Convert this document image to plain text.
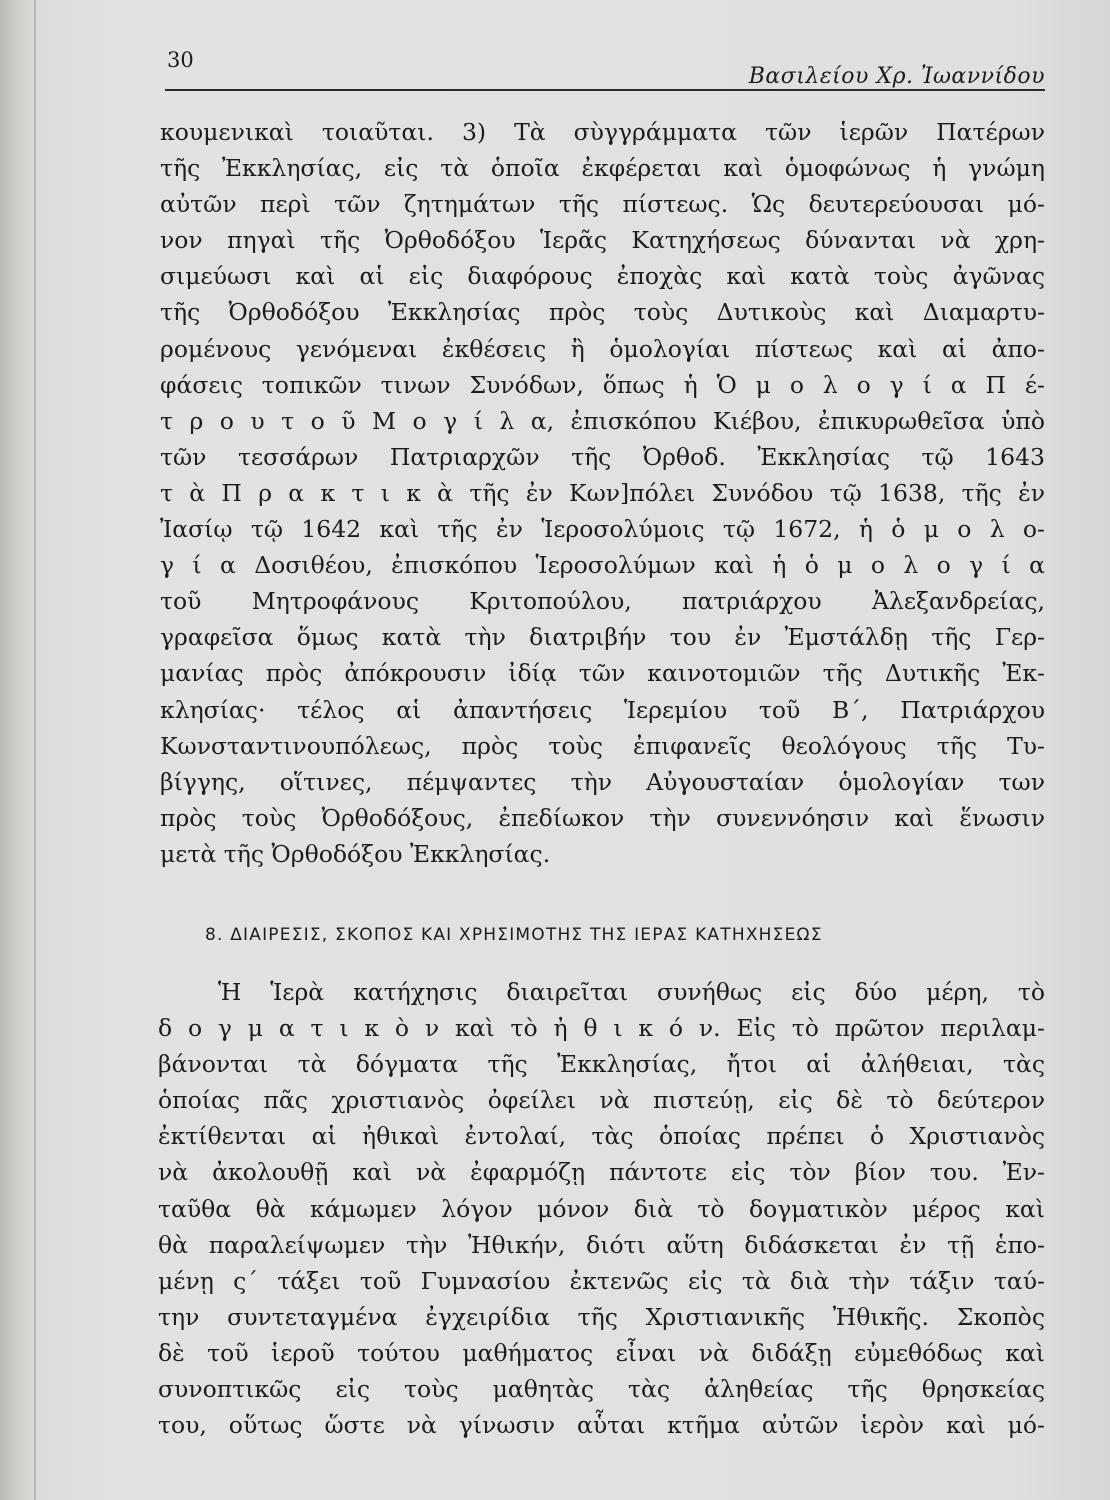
30
Βασιλείου Χρ. Ἰωαννίδου
κουμενικαὶ τοιαῦται. 3) Τὰ σὺγγράμματα τῶν ἱερῶν Πατέρων
τῆς Ἐκκλησίας, εἰς τὰ ὁποῖα ἐκφέρεται καὶ ὁμοφώνως ἡ γνώμη
αὐτῶν περὶ τῶν ζητημάτων τῆς πίστεως. Ὡς δευτερεύουσαι μό-
νον πηγαὶ τῆς Ὀρθοδόξου Ἱερᾶς Κατηχήσεως δύνανται νὰ χρη-
σιμεύωσι καὶ αἱ εἰς διαφόρους ἐποχὰς καὶ κατὰ τοὺς ἀγῶνας
τῆς Ὀρθοδόξου Ἐκκλησίας πρὸς τοὺς Δυτικοὺς καὶ Διαμαρτυ-
ρομένους γενόμεναι ἐκθέσεις ἢ ὁμολογίαι πίστεως καὶ αἱ ἀπο-
φάσεις τοπικῶν τινων Συνόδων, ὅπως ἡ Ὁ μ ο λ ο γ ί α Π έ-
τ ρ ο υ τ ο ῦ Μ ο γ ί λ α, ἐπισκόπου Κιέβου, ἐπικυρωθεῖσα ὑπὸ
τῶν τεσσάρων Πατριαρχῶν τῆς Ὀρθοδ. Ἐκκλησίας τῷ 1643
τ ὰ Π ρ α κ τ ι κ ὰ τῆς ἐν Κων]πόλει Συνόδου τῷ 1638, τῆς ἐν
Ἰασίῳ τῷ 1642 καὶ τῆς ἐν Ἱεροσολύμοις τῷ 1672, ἡ ὁ μ ο λ ο-
γ ί α Δοσιθέου, ἐπισκόπου Ἱεροσολύμων καὶ ἡ ὁ μ ο λ ο γ ί α
τοῦ Μητροφάνους Κριτοπούλου, πατριάρχου Ἀλεξανδρείας,
γραφεῖσα ὅμως κατὰ τὴν διατριβήν του ἐν Ἐμστάλδῃ τῆς Γερ-
μανίας πρὸς ἀπόκρουσιν ἰδίᾳ τῶν καινοτομιῶν τῆς Δυτικῆς Ἐκ-
κλησίας· τέλος αἱ ἀπαντήσεις Ἱερεμίου τοῦ Β΄, Πατριάρχου
Κωνσταντινουπόλεως, πρὸς τοὺς ἐπιφανεῖς θεολόγους τῆς Τυ-
βίγγης, οἵτινες, πέμψαντες τὴν Αὐγουσταίαν ὁμολογίαν των
πρὸς τοὺς Ὀρθοδόξους, ἐπεδίωκον τὴν συνεννόησιν καὶ ἕνωσιν
μετὰ τῆς Ὀρθοδόξου Ἐκκλησίας.
8. ΔΙΑΙΡΕΣΙΣ, ΣΚΟΠΟΣ ΚΑΙ ΧΡΗΣΙΜΟΤΗΣ ΤΗΣ ΙΕΡΑΣ ΚΑΤΗΧΗΣΕΩΣ
Ἡ Ἱερὰ κατήχησις διαιρεῖται συνήθως εἰς δύο μέρη, τὸ
δ ο γ μ α τ ι κ ὸ ν καὶ τὸ ἠ θ ι κ ό ν. Εἰς τὸ πρῶτον περιλαμ-
βάνονται τὰ δόγματα τῆς Ἐκκλησίας, ἤτοι αἱ ἀλήθειαι, τὰς
ὁποίας πᾶς χριστιανὸς ὀφείλει νὰ πιστεύῃ, εἰς δὲ τὸ δεύτερον
ἐκτίθενται αἱ ἠθικαὶ ἐντολαί, τὰς ὁποίας πρέπει ὁ Χριστιανὸς
νὰ ἀκολουθῇ καὶ νὰ ἐφαρμόζῃ πάντοτε εἰς τὸν βίον του. Ἐν-
ταῦθα θὰ κάμωμεν λόγον μόνον διὰ τὸ δογματικὸν μέρος καὶ
θὰ παραλείψωμεν τὴν Ἠθικήν, διότι αὕτη διδάσκεται ἐν τῇ ἑπο-
μένῃ ς΄ τάξει τοῦ Γυμνασίου ἐκτενῶς εἰς τὰ διὰ τὴν τάξιν ταύ-
την συντεταγμένα ἐγχειρίδια τῆς Χριστιανικῆς Ἠθικῆς. Σκοπὸς
δὲ τοῦ ἱεροῦ τούτου μαθήματος εἶναι νὰ διδάξῃ εὐμεθόδως καὶ
συνοπτικῶς εἰς τοὺς μαθητὰς τὰς ἀληθείας τῆς θρησκείας
του, οὕτως ὥστε νὰ γίνωσιν αὗται κτῆμα αὐτῶν ἱερὸν καὶ μό-
